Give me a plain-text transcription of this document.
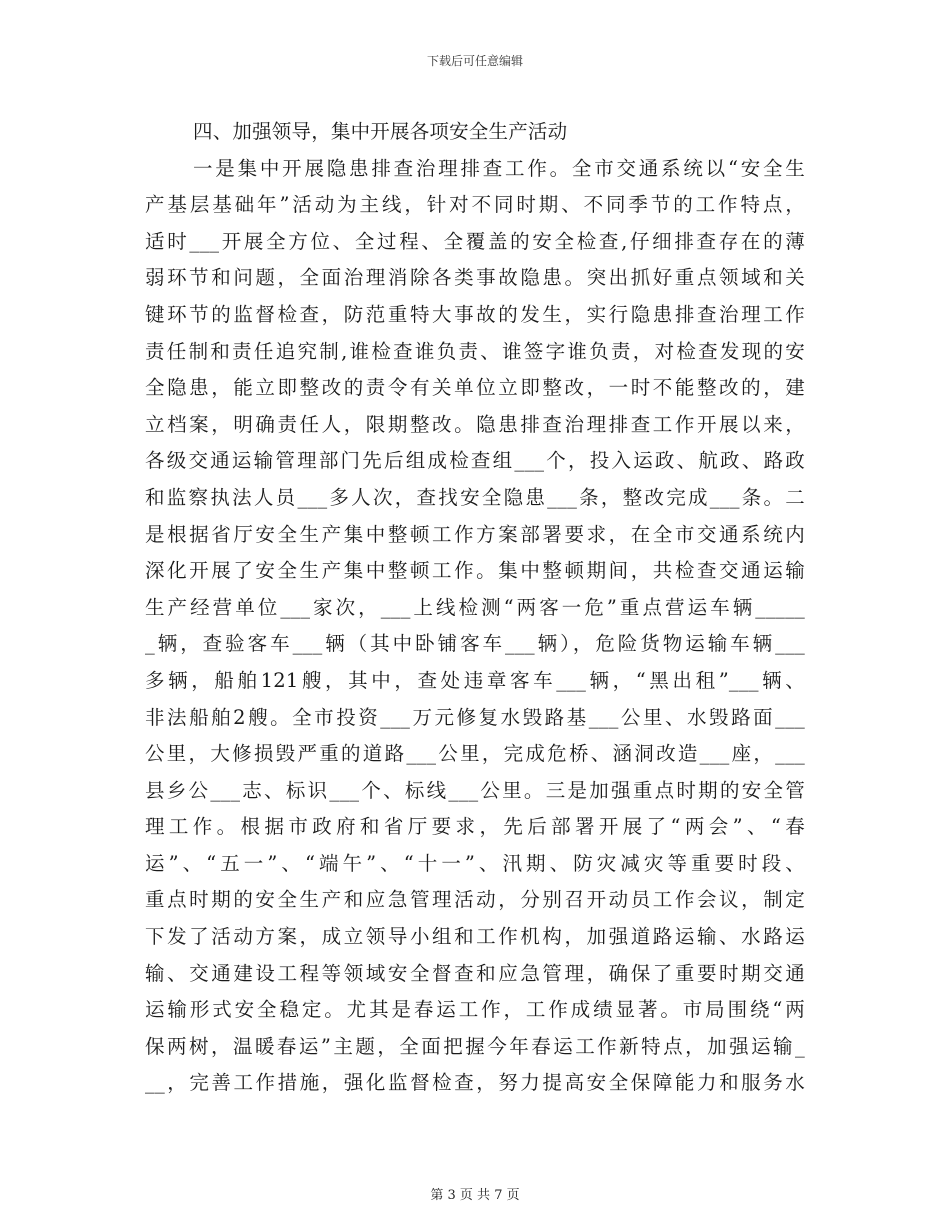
下载后可任意编辑
四、加强领导，集中开展各项安全生产活动
一是集中开展隐患排查治理排查工作。全市交通系统以“安全生
产基层基础年”活动为主线，针对不同时期、不同季节的工作特点，
适时___开展全方位、全过程、全覆盖的安全检查,仔细排查存在的薄
弱环节和问题，全面治理消除各类事故隐患。突出抓好重点领域和关
键环节的监督检查，防范重特大事故的发生，实行隐患排查治理工作
责任制和责任追究制,谁检查谁负责、谁签字谁负责，对检查发现的安
全隐患，能立即整改的责令有关单位立即整改，一时不能整改的，建
立档案，明确责任人，限期整改。隐患排查治理排查工作开展以来，
各级交通运输管理部门先后组成检查组___个，投入运政、航政、路政
和监察执法人员___多人次，查找安全隐患___条，整改完成___条。二
是根据省厅安全生产集中整顿工作方案部署要求，在全市交通系统内
深化开展了安全生产集中整顿工作。集中整顿期间，共检查交通运输
生产经营单位___家次，___上线检测“两客一危”重点营运车辆_____
_辆，查验客车___辆（其中卧铺客车___辆），危险货物运输车辆___
多辆，船舶121艘，其中，查处违章客车___辆，“黑出租”___辆、
非法船舶2艘。全市投资___万元修复水毁路基___公里、水毁路面___
公里，大修损毁严重的道路___公里，完成危桥、涵洞改造___座，___
县乡公___志、标识___个、标线___公里。三是加强重点时期的安全管
理工作。根据市政府和省厅要求，先后部署开展了“两会”、“春
运”、“五一”、“端午”、“十一”、汛期、防灾减灾等重要时段、
重点时期的安全生产和应急管理活动，分别召开动员工作会议，制定
下发了活动方案，成立领导小组和工作机构，加强道路运输、水路运
输、交通建设工程等领域安全督查和应急管理，确保了重要时期交通
运输形式安全稳定。尤其是春运工作，工作成绩显著。市局围绕“两
保两树，温暖春运”主题，全面把握今年春运工作新特点，加强运输_
__，完善工作措施，强化监督检查，努力提高安全保障能力和服务水
第 3 页 共 7 页
